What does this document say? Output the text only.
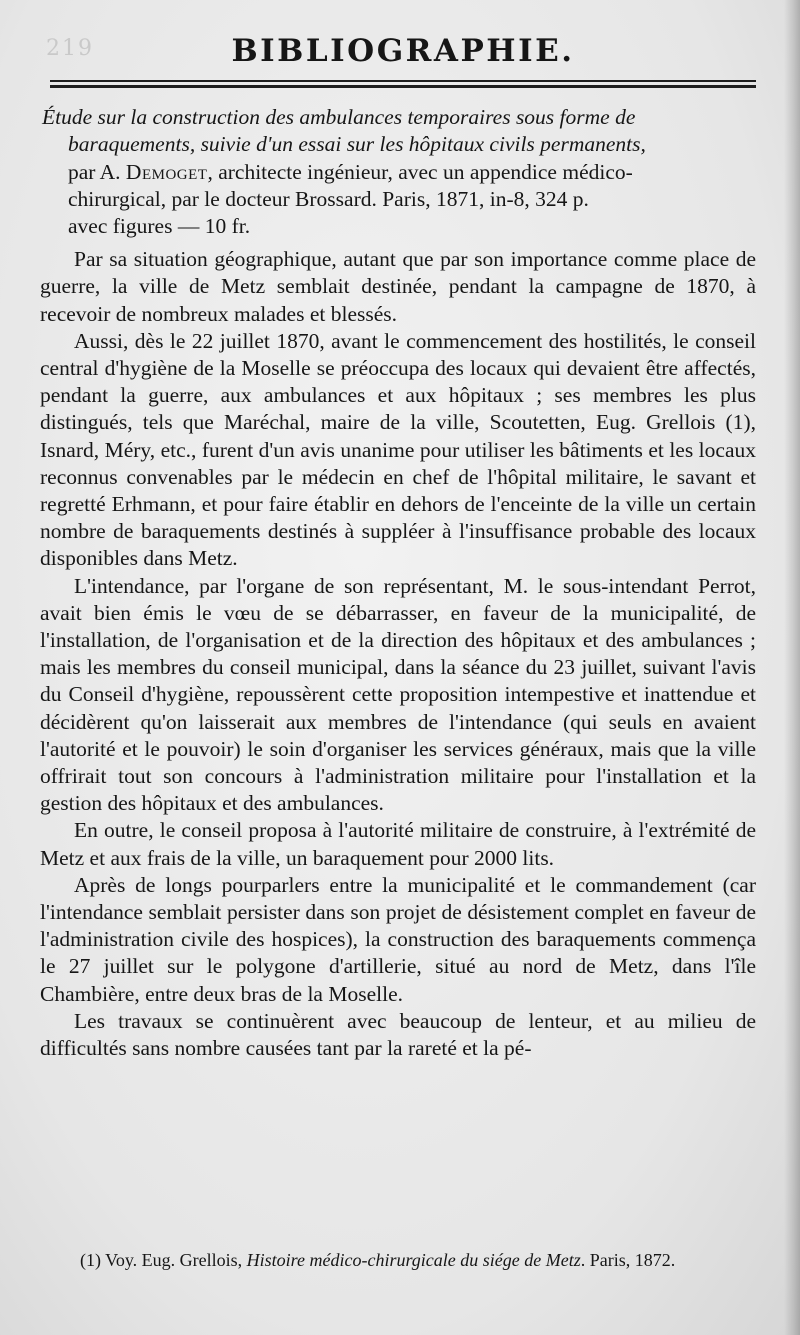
219	BIBLIOGRAPHIE.

Étude sur la construction des ambulances temporaires sous forme de

baraquements, suivie d'un essai sur les hôpitaux civils permanents,

par A. Demoget, architecte ingénieur, avec un appendice médico-

chirurgical, par le docteur Brossard. Paris, 1871, in-8, 324 p.

avec figures — 10 fr.

Par sa situation géographique, autant que par son importance comme place de guerre, la ville de Metz semblait destinée, pendant la campagne de 1870, à recevoir de nombreux malades et blessés.

Aussi, dès le 22 juillet 1870, avant le commencement des hostilités, le conseil central d'hygiène de la Moselle se préoccupa des locaux qui devaient être affectés, pendant la guerre, aux ambulances et aux hôpitaux ; ses membres les plus distingués, tels que Maréchal, maire de la ville, Scoutetten, Eug. Grellois (1), Isnard, Méry, etc., furent d'un avis unanime pour utiliser les bâtiments et les locaux reconnus convenables par le médecin en chef de l'hôpital militaire, le savant et regretté Erhmann, et pour faire établir en dehors de l'enceinte de la ville un certain nombre de baraquements destinés à suppléer à l'insuffisance probable des locaux disponibles dans Metz.

L'intendance, par l'organe de son représentant, M. le sous-intendant Perrot, avait bien émis le vœu de se débarrasser, en faveur de la municipalité, de l'installation, de l'organisation et de la direction des hôpitaux et des ambulances ; mais les membres du conseil municipal, dans la séance du 23 juillet, suivant l'avis du Conseil d'hygiène, repoussèrent cette proposition intempestive et inattendue et décidèrent qu'on laisserait aux membres de l'intendance (qui seuls en avaient l'autorité et le pouvoir) le soin d'organiser les services généraux, mais que la ville offrirait tout son concours à l'administration militaire pour l'installation et la gestion des hôpitaux et des ambulances.

En outre, le conseil proposa à l'autorité militaire de construire, à l'extrémité de Metz et aux frais de la ville, un baraquement pour 2000 lits.

Après de longs pourparlers entre la municipalité et le commandement (car l'intendance semblait persister dans son projet de désistement complet en faveur de l'administration civile des hospices), la construction des baraquements commença le 27 juillet sur le polygone d'artillerie, situé au nord de Metz, dans l'île Chambière, entre deux bras de la Moselle.

Les travaux se continuèrent avec beaucoup de lenteur, et au milieu de difficultés sans nombre causées tant par la rareté et la pé-

(1) Voy. Eug. Grellois, Histoire médico-chirurgicale du siége de Metz. Paris, 1872.
